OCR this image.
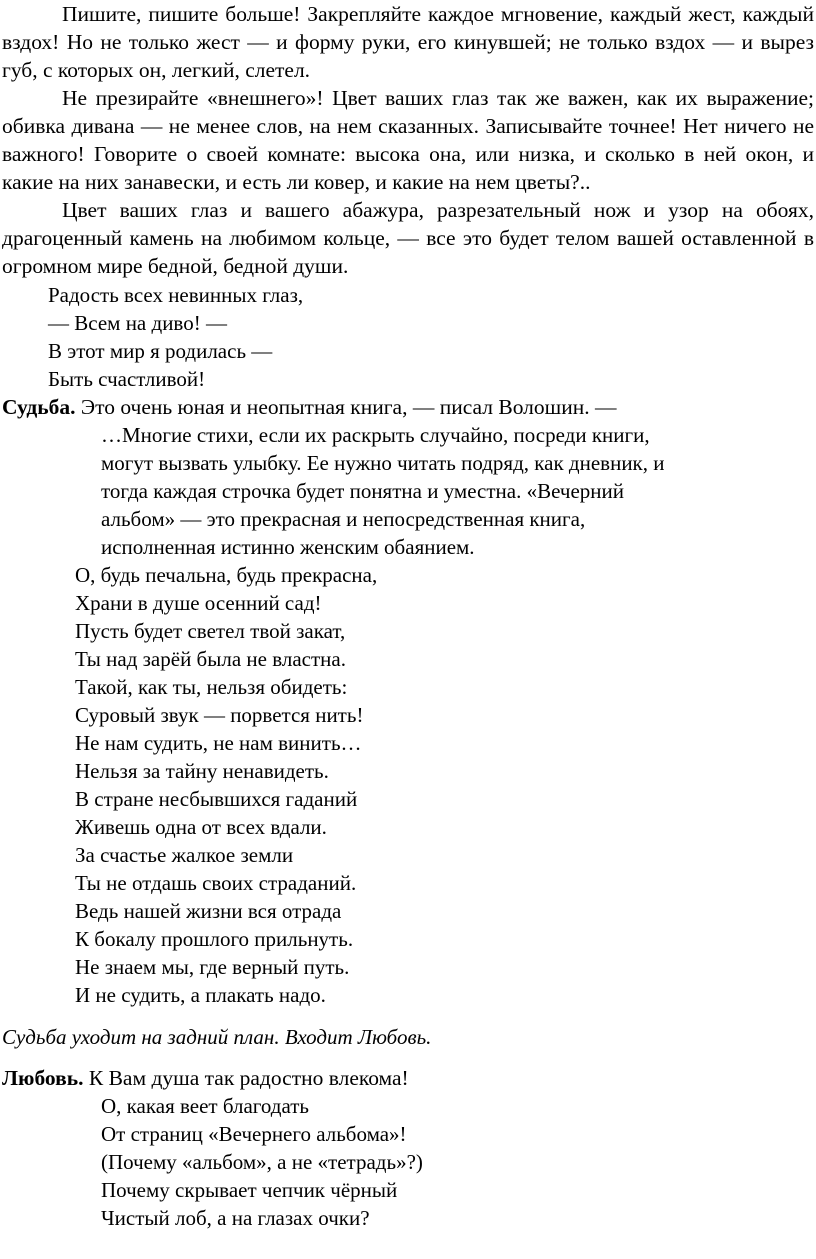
Пишите, пишите больше! Закрепляйте каждое мгновение, каждый жест, каждый вздох! Но не только жест — и форму руки, его кинувшей; не только вздох — и вырез губ, с которых он, легкий, слетел.

Не презирайте «внешнего»! Цвет ваших глаз так же важен, как их выражение; обивка дивана — не менее слов, на нем сказанных. Записывайте точнее! Нет ничего не важного! Говорите о своей комнате: высока она, или низка, и сколько в ней окон, и какие на них занавески, и есть ли ковер, и какие на нем цветы?..

Цвет ваших глаз и вашего абажура, разрезательный нож и узор на обоях, драгоценный камень на любимом кольце, — все это будет телом вашей оставленной в огромном мире бедной, бедной души.

Радость всех невинных глаз,
— Всем на диво! —
В этот мир я родилась —
Быть счастливой!

Судьба. Это очень юная и неопытная книга, — писал Волошин. —

…Многие стихи, если их раскрыть случайно, посреди книги,
могут вызвать улыбку. Ее нужно читать подряд, как дневник, и
тогда каждая строчка будет понятна и уместна. «Вечерний
альбом» — это прекрасная и непосредственная книга,
исполненная истинно женским обаянием.
О, будь печальна, будь прекрасна,
Храни в душе осенний сад!
Пусть будет светел твой закат,
Ты над зарёй была не властна.
Такой, как ты, нельзя обидеть:
Суровый звук — порвется нить!
Не нам судить, не нам винить…
Нельзя за тайну ненавидеть.
В стране несбывшихся гаданий
Живешь одна от всех вдали.
За счастье жалкое земли
Ты не отдашь своих страданий.
Ведь нашей жизни вся отрада
К бокалу прошлого прильнуть.
Не знаем мы, где верный путь.
И не судить, а плакать надо.

Судьба уходит на задний план. Входит Любовь.

Любовь. К Вам душа так радостно влекома!

О, какая веет благодать
От страниц «Вечернего альбома»!
(Почему «альбом», а не «тетрадь»?)
Почему скрывает чепчик чёрный
Чистый лоб, а на глазах очки?
